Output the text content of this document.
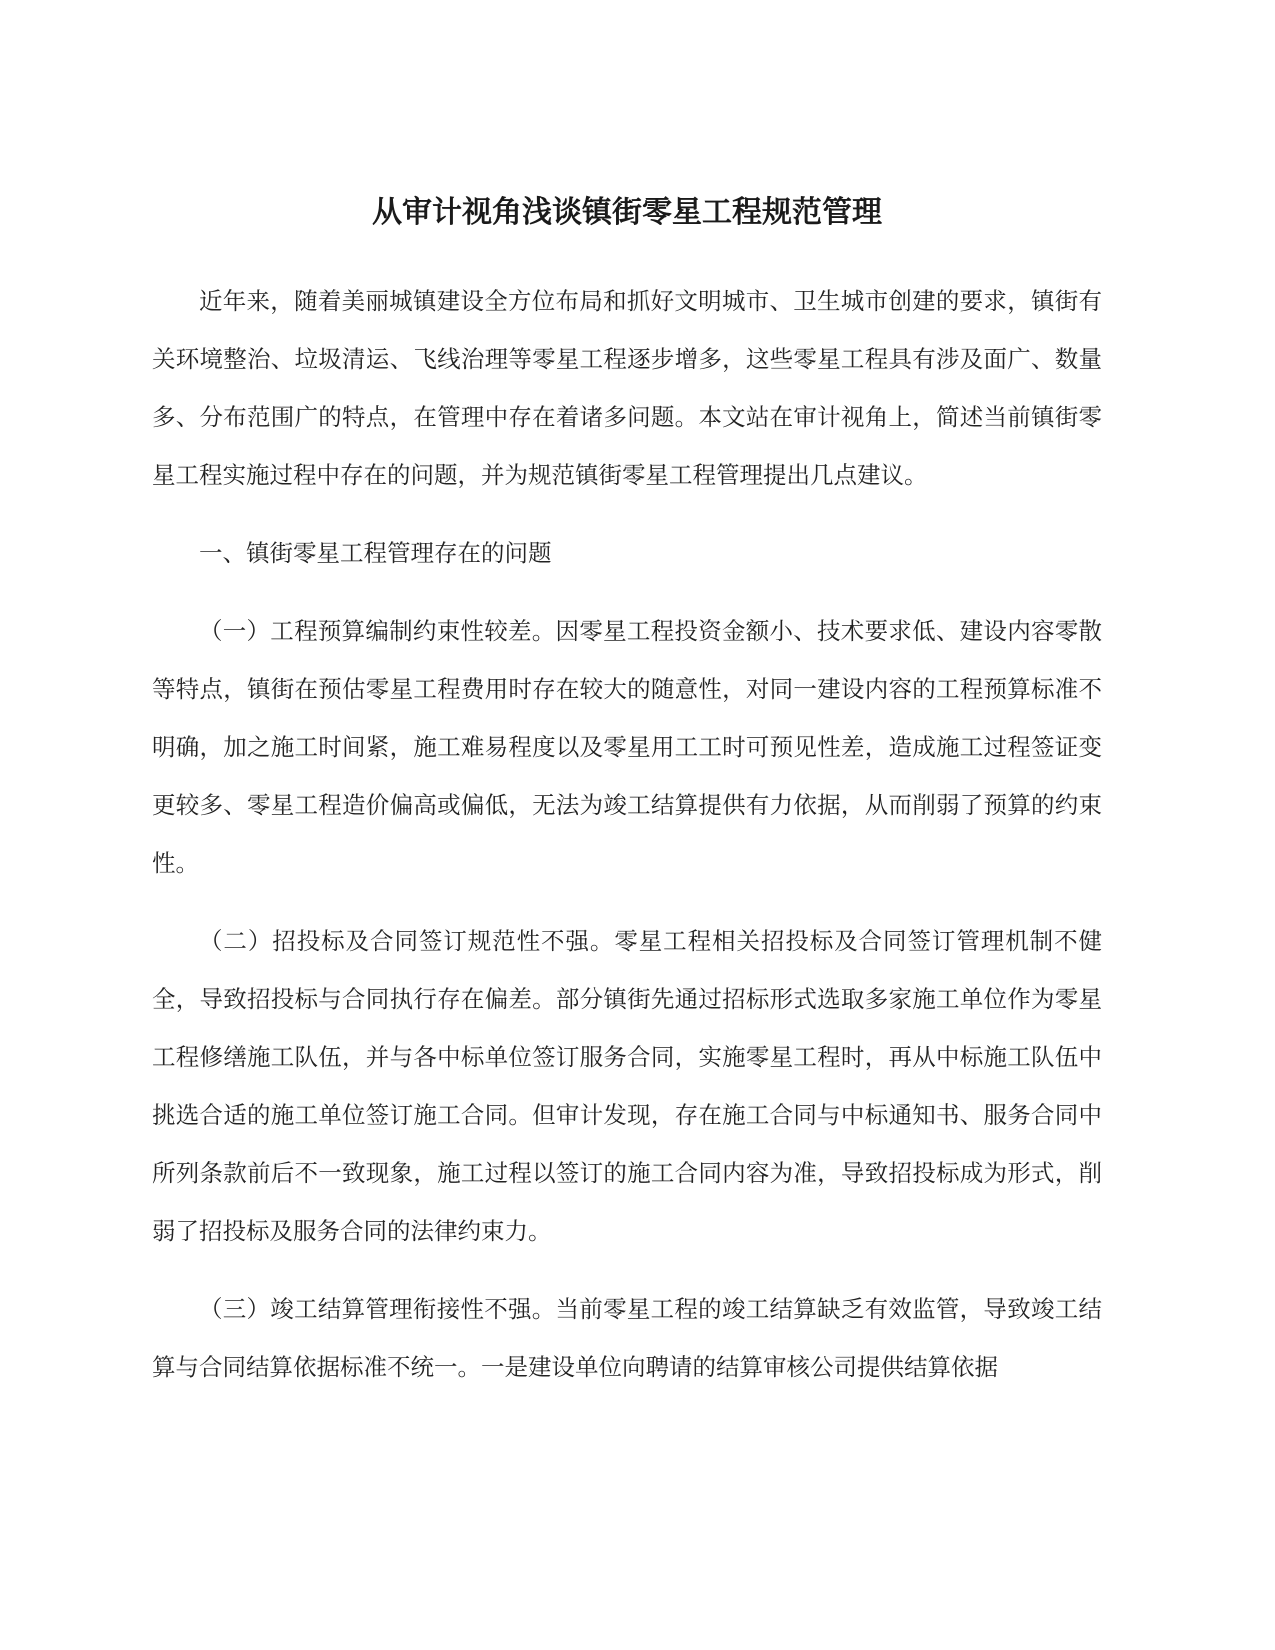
从审计视角浅谈镇街零星工程规范管理

近年来，随着美丽城镇建设全方位布局和抓好文明城市、卫生城市创建的要求，镇街有关环境整治、垃圾清运、飞线治理等零星工程逐步增多，这些零星工程具有涉及面广、数量多、分布范围广的特点，在管理中存在着诸多问题。本文站在审计视角上，简述当前镇街零星工程实施过程中存在的问题，并为规范镇街零星工程管理提出几点建议。

一、镇街零星工程管理存在的问题

（一）工程预算编制约束性较差。因零星工程投资金额小、技术要求低、建设内容零散等特点，镇街在预估零星工程费用时存在较大的随意性，对同一建设内容的工程预算标准不明确，加之施工时间紧，施工难易程度以及零星用工工时可预见性差，造成施工过程签证变更较多、零星工程造价偏高或偏低，无法为竣工结算提供有力依据，从而削弱了预算的约束性。

（二）招投标及合同签订规范性不强。零星工程相关招投标及合同签订管理机制不健全，导致招投标与合同执行存在偏差。部分镇街先通过招标形式选取多家施工单位作为零星工程修缮施工队伍，并与各中标单位签订服务合同，实施零星工程时，再从中标施工队伍中挑选合适的施工单位签订施工合同。但审计发现，存在施工合同与中标通知书、服务合同中所列条款前后不一致现象，施工过程以签订的施工合同内容为准，导致招投标成为形式，削弱了招投标及服务合同的法律约束力。

（三）竣工结算管理衔接性不强。当前零星工程的竣工结算缺乏有效监管，导致竣工结算与合同结算依据标准不统一。一是建设单位向聘请的结算审核公司提供结算依据
